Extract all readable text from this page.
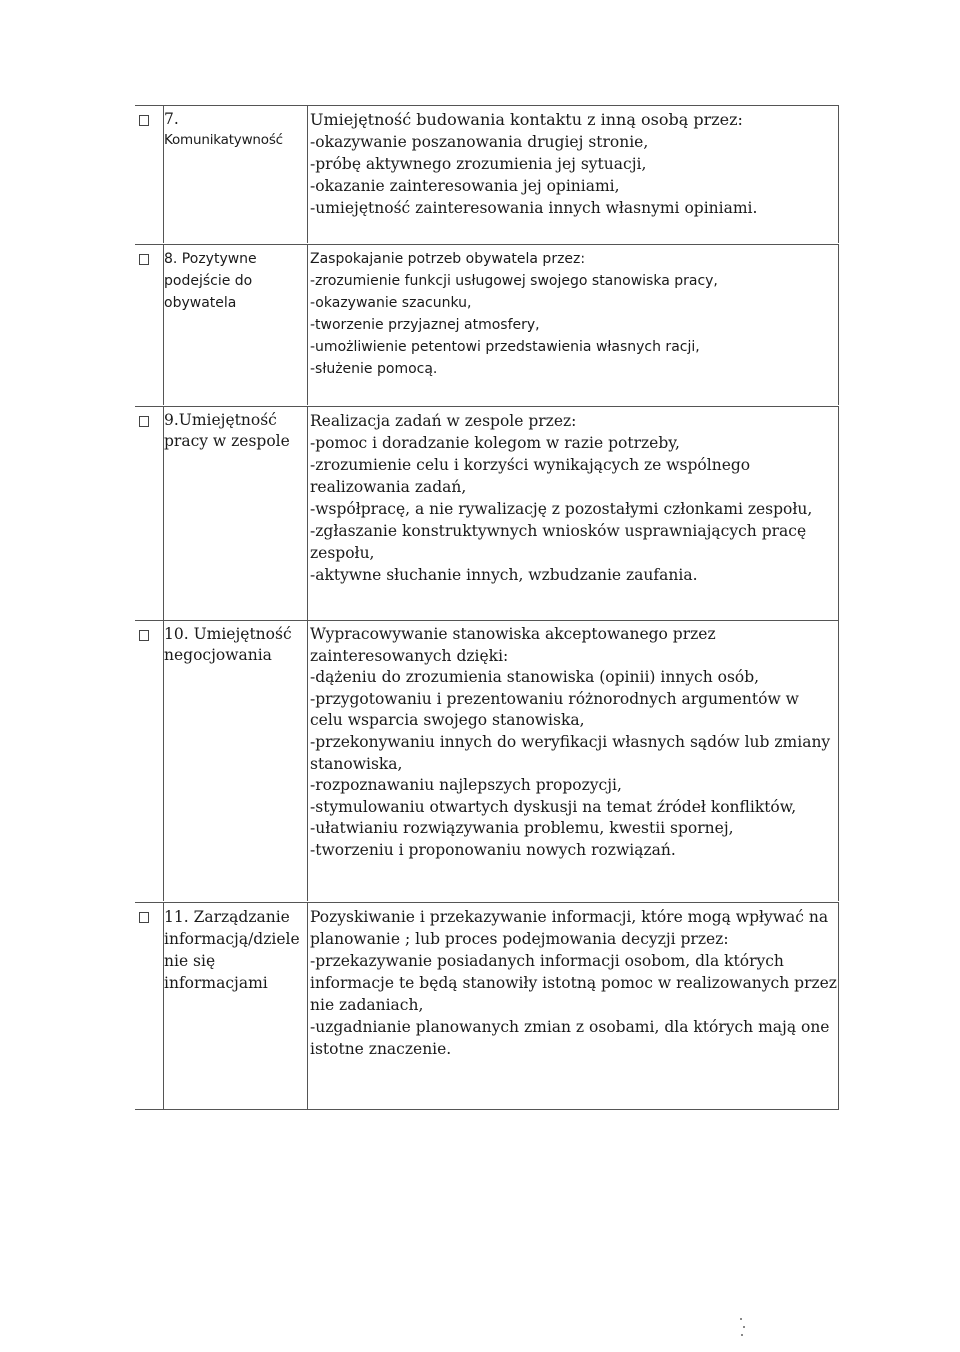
7.
Komunikatywność
Umiejętność budowania kontaktu z inną osobą przez:
-okazywanie poszanowania drugiej stronie,
-próbę aktywnego zrozumienia jej sytuacji,
-okazanie zainteresowania jej opiniami,
-umiejętność zainteresowania innych własnymi opiniami.
8. Pozytywne
podejście do
obywatela
Zaspokajanie potrzeb obywatela przez:
-zrozumienie funkcji usługowej swojego stanowiska pracy,
-okazywanie szacunku,
-tworzenie przyjaznej atmosfery,
-umożliwienie petentowi przedstawienia własnych racji,
-służenie pomocą.
9.Umiejętność
pracy w zespole
Realizacja zadań w zespole przez:
-pomoc i doradzanie kolegom w razie potrzeby,
-zrozumienie celu i korzyści wynikających ze wspólnego
realizowania zadań,
-współpracę, a nie rywalizację z pozostałymi członkami zespołu,
-zgłaszanie konstruktywnych wniosków usprawniających pracę
zespołu,
-aktywne słuchanie innych, wzbudzanie zaufania.
10. Umiejętność
negocjowania
Wypracowywanie stanowiska akceptowanego przez
zainteresowanych dzięki:
-dążeniu do zrozumienia stanowiska (opinii) innych osób,
-przygotowaniu i prezentowaniu różnorodnych argumentów w
celu wsparcia swojego stanowiska,
-przekonywaniu innych do weryfikacji własnych sądów lub zmiany
stanowiska,
-rozpoznawaniu najlepszych propozycji,
-stymulowaniu otwartych dyskusji na temat źródeł konfliktów,
-ułatwianiu rozwiązywania problemu, kwestii spornej,
-tworzeniu i proponowaniu nowych rozwiązań.
11. Zarządzanie
informacją/dziele
nie się
informacjami
Pozyskiwanie i przekazywanie informacji, które mogą wpływać na
planowanie ; lub proces podejmowania decyzji przez:
-przekazywanie posiadanych informacji osobom, dla których
informacje te będą stanowiły istotną pomoc w realizowanych przez
nie zadaniach,
-uzgadnianie planowanych zmian z osobami, dla których mają one
istotne znaczenie.
